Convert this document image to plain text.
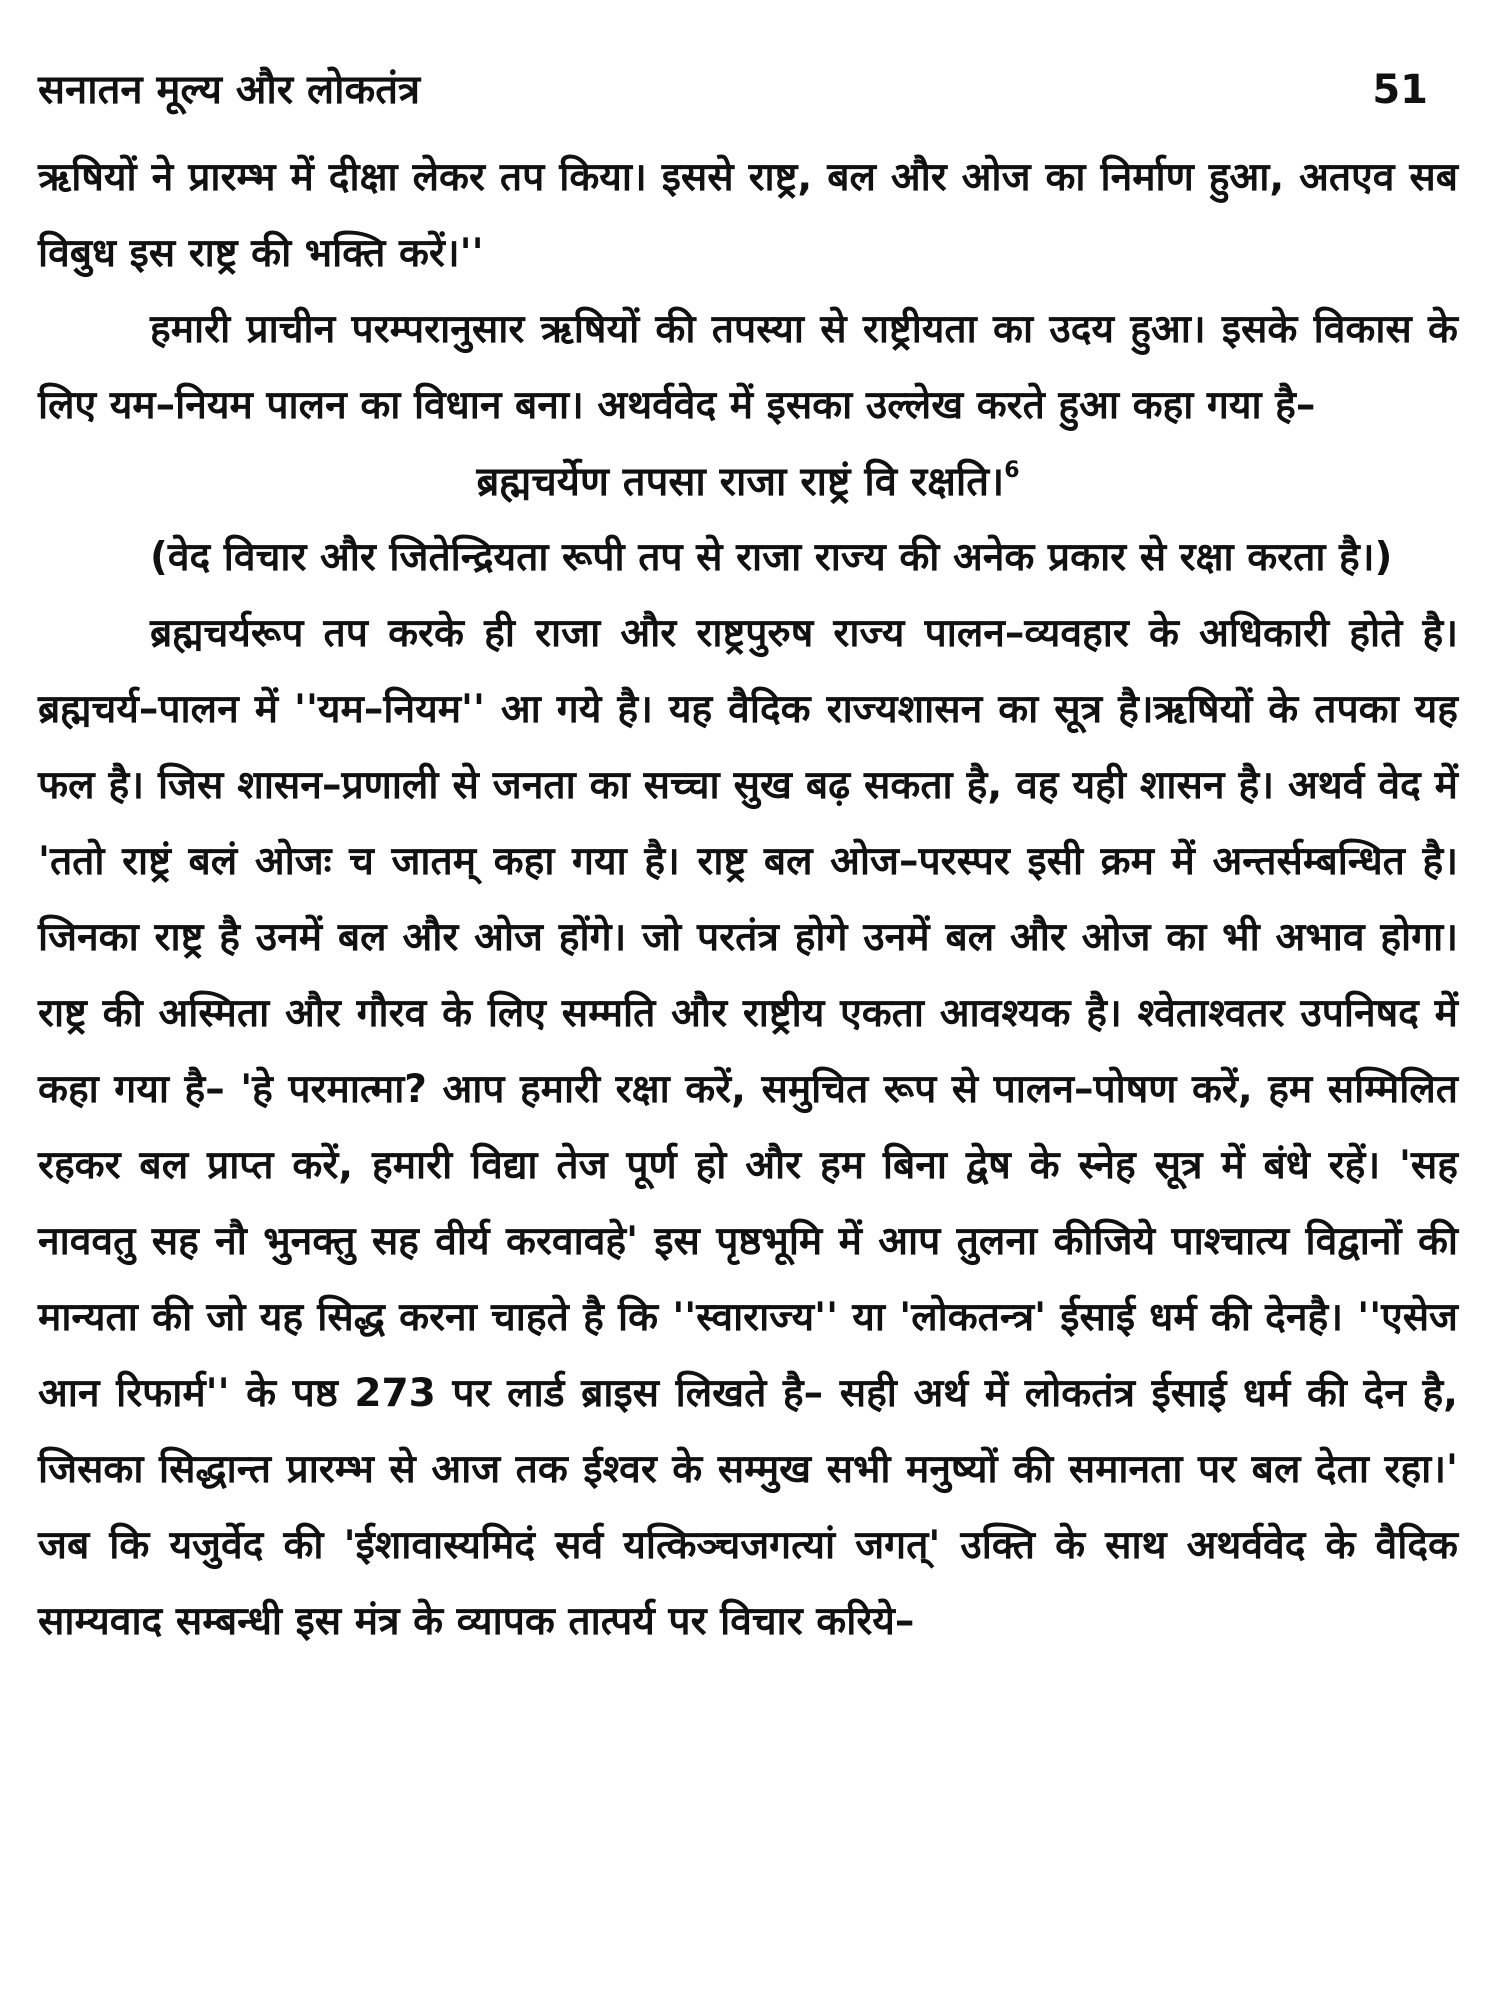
सनातन मूल्य और लोकतंत्र	51

ऋषियों ने प्रारम्भ में दीक्षा लेकर तप किया। इससे राष्ट्र, बल और ओज का निर्माण हुआ, अतएव सब विबुध इस राष्ट्र की भक्ति करें।''

हमारी प्राचीन परम्परानुसार ऋषियों की तपस्या से राष्ट्रीयता का उदय हुआ। इसके विकास के लिए यम–नियम पालन का विधान बना। अथर्ववेद में इसका उल्लेख करते हुआ कहा गया है–

ब्रह्मचर्येण तपसा राजा राष्ट्रं वि रक्षति।$^6$

(वेद विचार और जितेन्द्रियता रूपी तप से राजा राज्य की अनेक प्रकार से रक्षा करता है।)

ब्रह्मचर्यरूप तप करके ही राजा और राष्ट्रपुरुष राज्य पालन–व्यवहार के अधिकारी होते है। ब्रह्मचर्य–पालन में ''यम–नियम'' आ गये है। यह वैदिक राज्यशासन का सूत्र है।ऋषियों के तपका यह फल है। जिस शासन–प्रणाली से जनता का सच्चा सुख बढ़ सकता है, वह यही शासन है। अथर्व वेद में 'ततो राष्ट्रं बलं ओजः च जातम् कहा गया है। राष्ट्र बल ओज–परस्पर इसी क्रम में अन्तर्सम्बन्धित है। जिनका राष्ट्र है उनमें बल और ओज होंगे। जो परतंत्र होगे उनमें बल और ओज का भी अभाव होगा। राष्ट्र की अस्मिता और गौरव के लिए सम्मति और राष्ट्रीय एकता आवश्यक है। श्वेताश्वतर उपनिषद में कहा गया है– 'हे परमात्मा? आप हमारी रक्षा करें, समुचित रूप से पालन–पोषण करें, हम सम्मिलित रहकर बल प्राप्त करें, हमारी विद्या तेज पूर्ण हो और हम बिना द्वेष के स्नेह सूत्र में बंधे रहें। 'सह नाववतु सह नौ भुनक्तु सह वीर्य करवावहे' इस पृष्ठभूमि में आप तुलना कीजिये पाश्चात्य विद्वानों की मान्यता की जो यह सिद्ध करना चाहते है कि ''स्वाराज्य'' या 'लोकतन्त्र' ईसाई धर्म की देनहै। ''एसेज आन रिफार्म'' के पष्ठ 273 पर लार्ड ब्राइस लिखते है– सही अर्थ में लोकतंत्र ईसाई धर्म की देन है, जिसका सिद्धान्त प्रारम्भ से आज तक ईश्वर के सम्मुख सभी मनुष्यों की समानता पर बल देता रहा।' जब कि यजुर्वेद की 'ईशावास्यमिदं सर्व यत्किञ्चजगत्यां जगत्' उक्ति के साथ अथर्ववेद के वैदिक साम्यवाद सम्बन्धी इस मंत्र के व्यापक तात्पर्य पर विचार करिये–
